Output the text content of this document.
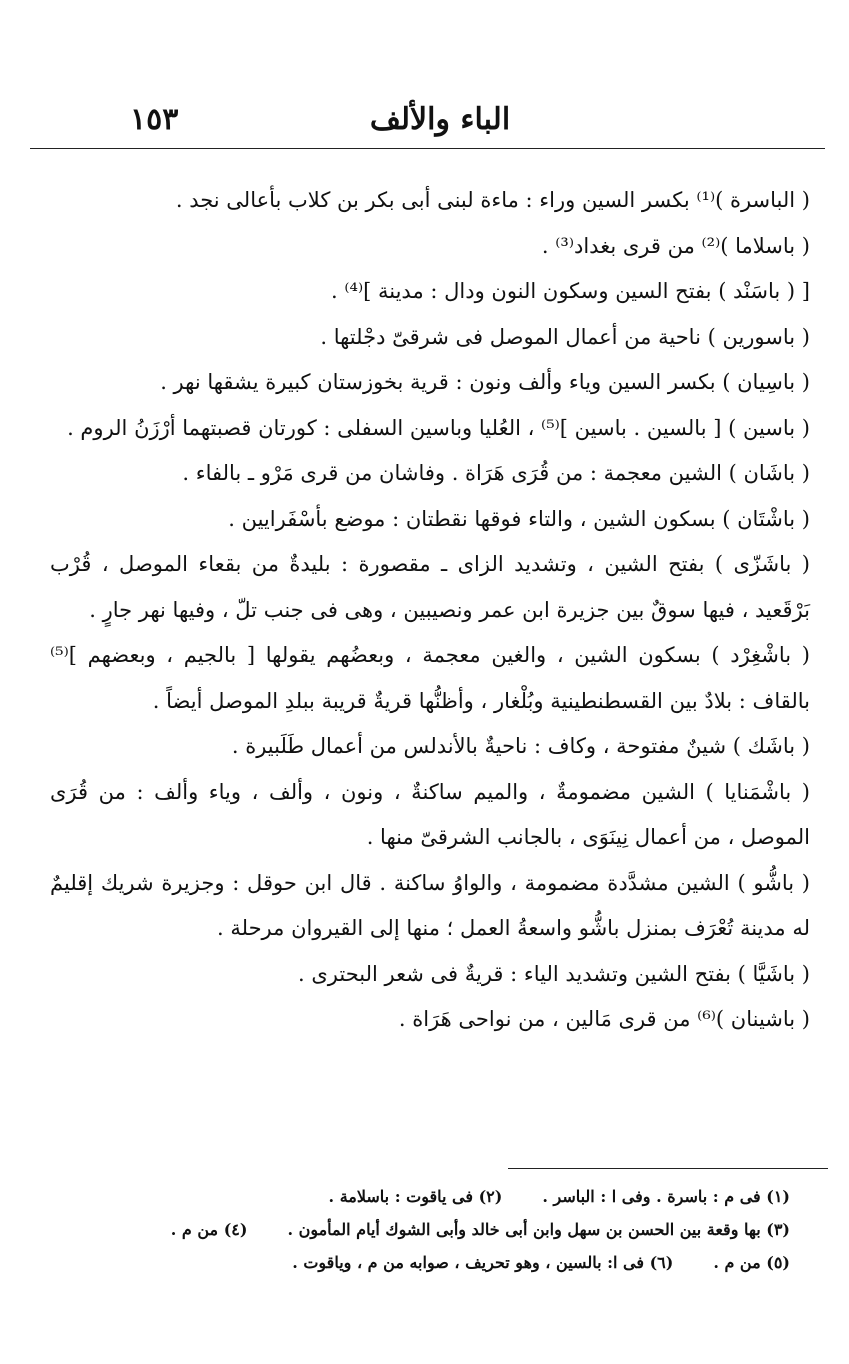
١٥٣	الباء والألف

( الباسرة )⁽¹⁾ بكسر السين وراء : ماءة لبنى أبى بكر بن كلاب بأعالى نجد .

( باسلاما )⁽²⁾ من قرى بغداد⁽³⁾ .

[ ( باسَنْد ) بفتح السين وسكون النون ودال : مدينة ]⁽⁴⁾ .

( باسورين ) ناحية من أعمال الموصل فى شرقىّ دجْلتها .

( باسِيان ) بكسر السين وياء وألف ونون : قرية بخوزستان كبيرة يشقها نهر .

( باسين ) [ بالسين . باسين ]⁽⁵⁾ ، العُليا وباسين السفلى : كورتان قصبتهما أرْزَنُ الروم .

( باشَان ) الشين معجمة : من قُرَى هَرَاة . وفاشان من قرى مَرْو ـ بالفاء .

( باشْتَان ) بسكون الشين ، والتاء فوقها نقطتان : موضع بأسْفَرايين .

( باشَزّى ) بفتح الشين ، وتشديد الزاى ـ مقصورة : بليدةٌ من بقعاء الموصل ، قُرْب بَرْقَعيد ، فيها سوقٌ بين جزيرة ابن عمر ونصيبين ، وهى فى جنب تلّ ، وفيها نهر جارٍ .

( باشْغِرْد ) بسكون الشين ، والغين معجمة ، وبعضُهم يقولها [ بالجيم ، وبعضهم ]⁽⁵⁾ بالقاف : بلادٌ بين القسطنطينية وبُلْغار ، وأظنُّها قريةٌ قريبة ببلدِ الموصل أيضاً .

( باشَك ) شينٌ مفتوحة ، وكاف : ناحيةٌ بالأندلس من أعمال طَلَبيرة .

( باشْمَنايا ) الشين مضمومةٌ ، والميم ساكنةٌ ، ونون ، وألف ، وياء وألف : من قُرَى الموصل ، من أعمال نِينَوَى ، بالجانب الشرقىّ منها .

( باشُّو ) الشين مشدَّدة مضمومة ، والواوُ ساكنة . قال ابن حوقل : وجزيرة شريك إقليمٌ له مدينة تُعْرَف بمنزل باشُّو واسعةُ العمل ؛ منها إلى القيروان مرحلة .

( باشَيَّا ) بفتح الشين وتشديد الياء : قريةٌ فى شعر البحترى .

( باشينان )⁽⁶⁾ من قرى مَالين ، من نواحى هَرَاة .

(١) فى م : باسرة . وفى ا : الباسر .
(٢) فى ياقوت : باسلامة .
(٣) بها وقعة بين الحسن بن سهل وابن أبى خالد وأبى الشوك أيام المأمون .
(٤) من م .
(٥) من م .
(٦) فى ا: بالسين ، وهو تحريف ، صوابه من م ، وياقوت .
